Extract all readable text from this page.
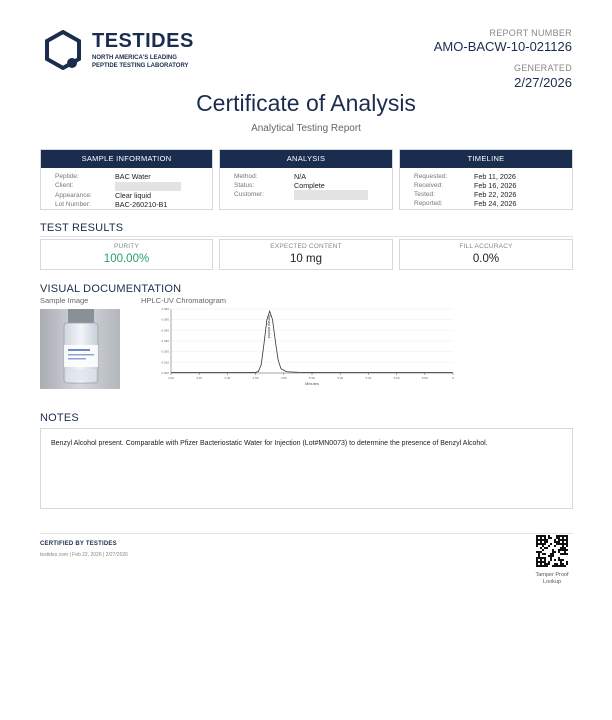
TESTIDES
NORTH AMERICA'S LEADING
PEPTIDE TESTING LABORATORY
REPORT NUMBER
AMO-BACW-10-021126
GENERATED
2/27/2026
Certificate of Analysis
Analytical Testing Report
SAMPLE INFORMATION
Peptide:	BAC Water
Client:
Appearance:	Clear liquid
Lot Number:	BAC-260210-B1
ANALYSIS
Method:	N/A
Status:	Complete
Customer:
TIMELINE
Requested:	Feb 11, 2026
Received:	Feb 16, 2026
Tested:	Feb 22, 2026
Reported:	Feb 24, 2026
TEST RESULTS
PURITY
100.00%
EXPECTED CONTENT
10 mg
FILL ACCURACY
0.0%
VISUAL DOCUMENTATION
Sample Image	HPLC-UV Chromatogram
0.000
0.010
0.020
0.030
0.040
0.050
0.060
4.00	4.20	4.40	4.60	4.80	5.00	5.20	5.40	5.60	5.80	6
Benzyl alcohol
Minutes
NOTES
Benzyl Alcohol present. Comparable with Pfizer Bacteriostatic Water for Injection (Lot#MN0073) to determine the presence of Benzyl Alcohol.
CERTIFIED BY TESTIDES
testides.com | Feb 22, 2026 | 2/27/2026
Tamper Proof
Lookup
